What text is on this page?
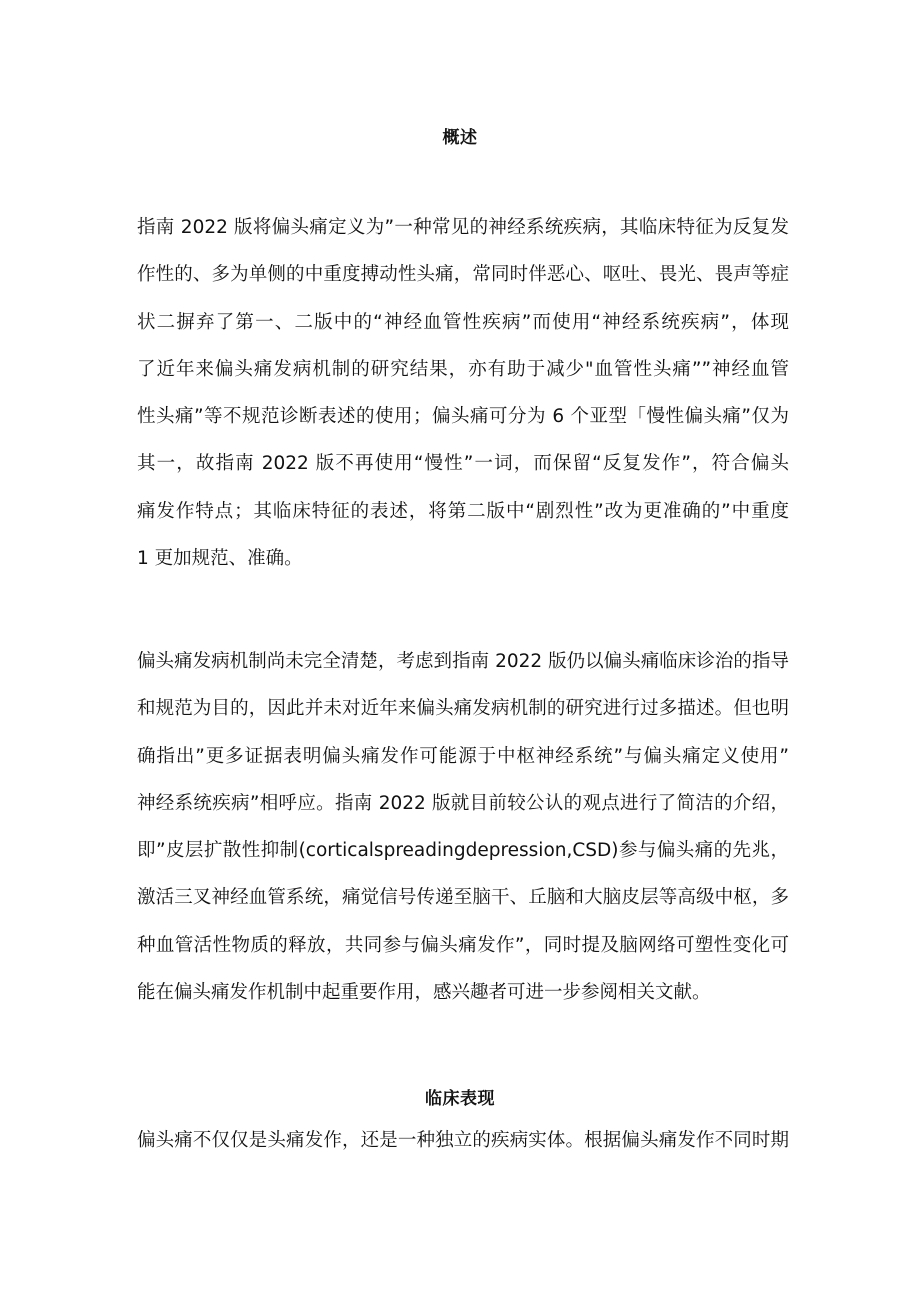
概述
指南 2022 版将偏头痛定义为”一种常见的神经系统疾病，其临床特征为反复发
作性的、多为单侧的中重度搏动性头痛，常同时伴恶心、呕吐、畏光、畏声等症
状二摒弃了第一、二版中的“神经血管性疾病”而使用“神经系统疾病”，体现
了近年来偏头痛发病机制的研究结果，亦有助于减少"血管性头痛””神经血管
性头痛”等不规范诊断表述的使用；偏头痛可分为 6 个亚型「慢性偏头痛”仅为
其一，故指南 2022 版不再使用“慢性”一词，而保留“反复发作”，符合偏头
痛发作特点；其临床特征的表述，将第二版中“剧烈性”改为更准确的”中重度
1 更加规范、准确。
偏头痛发病机制尚未完全清楚，考虑到指南 2022 版仍以偏头痛临床诊治的指导
和规范为目的，因此并未对近年来偏头痛发病机制的研究进行过多描述。但也明
确指出”更多证据表明偏头痛发作可能源于中枢神经系统”与偏头痛定义使用”
神经系统疾病”相呼应。指南 2022 版就目前较公认的观点进行了简洁的介绍，
即”皮层扩散性抑制(corticalspreadingdepression,CSD)参与偏头痛的先兆，
激活三叉神经血管系统，痛觉信号传递至脑干、丘脑和大脑皮层等高级中枢，多
种血管活性物质的释放，共同参与偏头痛发作”，同时提及脑网络可塑性变化可
能在偏头痛发作机制中起重要作用，感兴趣者可进一步参阅相关文献。
临床表现
偏头痛不仅仅是头痛发作，还是一种独立的疾病实体。根据偏头痛发作不同时期
